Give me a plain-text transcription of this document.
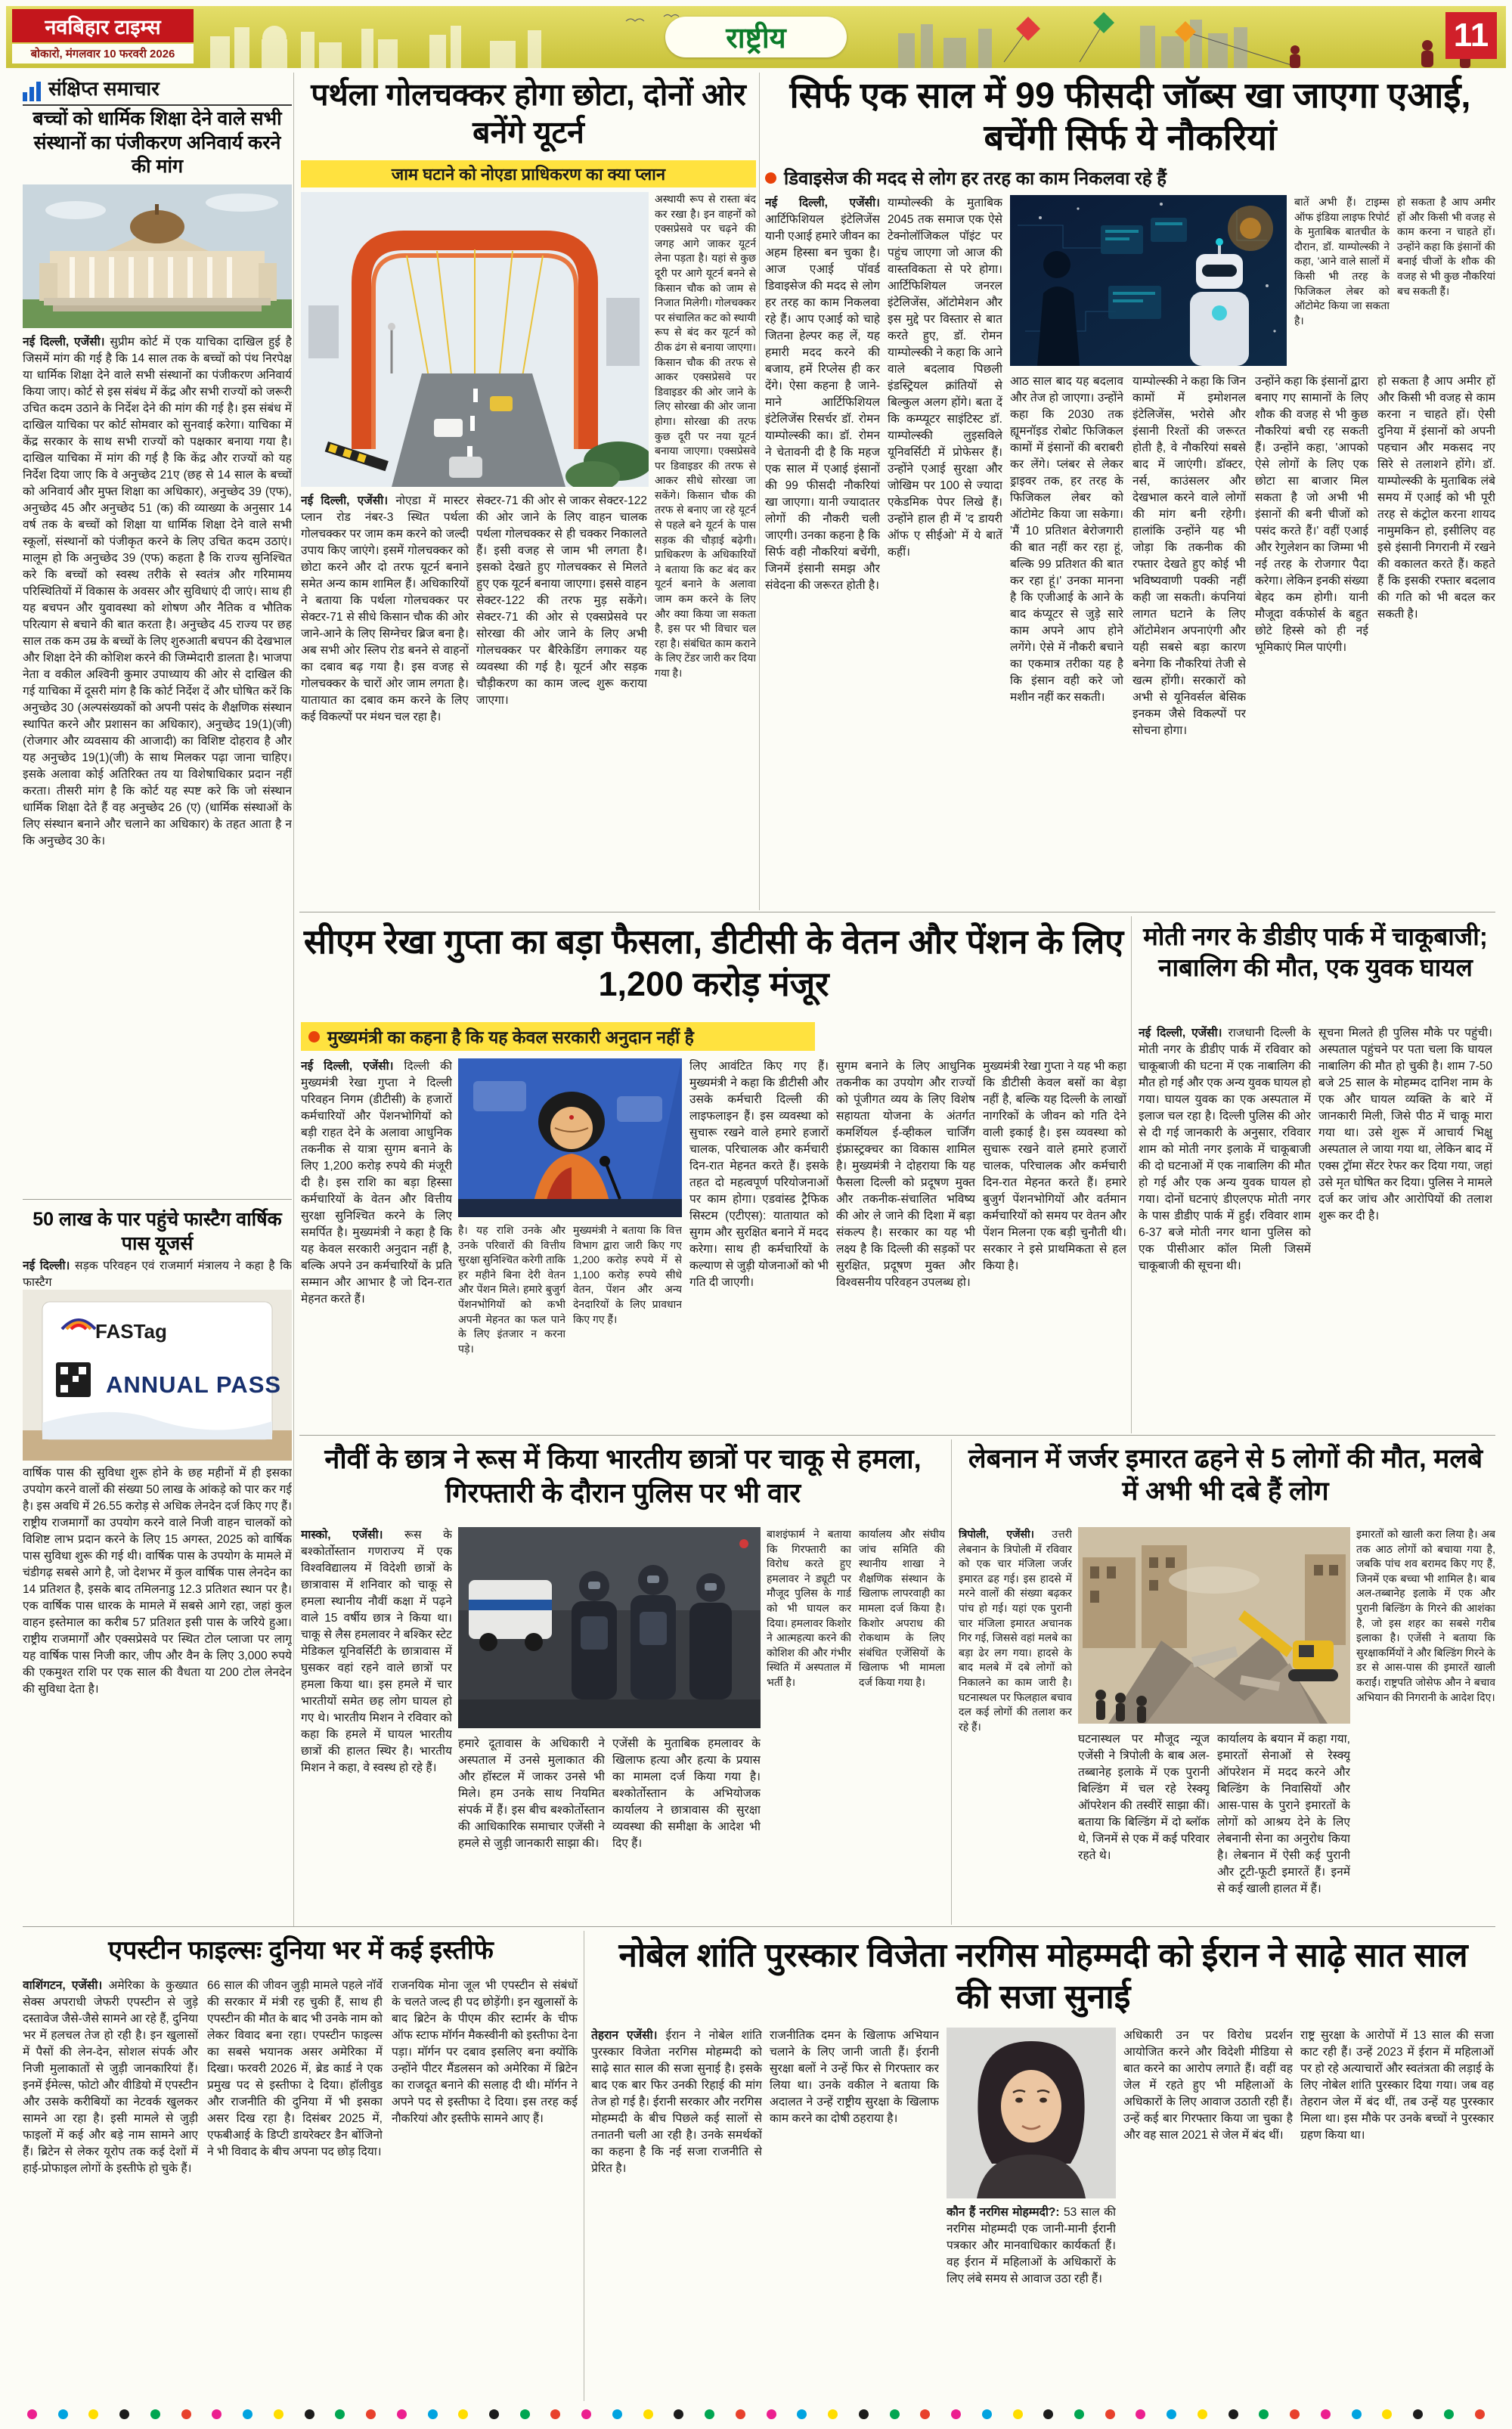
नवबिहार टाइम्स
बोकारो, मंगलवार 10 फरवरी 2026	राष्ट्रीय	11
संक्षिप्त समाचार
बच्चों को धार्मिक शिक्षा देने वाले सभी संस्थानों का पंजीकरण अनिवार्य करने की मांग
नई दिल्ली, एजेंसी। सुप्रीम कोर्ट में एक याचिका दाखिल हुई है जिसमें मांग की गई है कि 14 साल तक के बच्चों को पंथ निरपेक्ष या धार्मिक शिक्षा देने वाले सभी संस्थानों का पंजीकरण अनिवार्य किया जाए। कोर्ट से इस संबंध में केंद्र और सभी राज्यों को जरूरी उचित कदम उठाने के निर्देश देने की मांग की गई है। इस संबंध में दाखिल याचिका पर कोर्ट सोमवार को सुनवाई करेगा। याचिका में केंद्र सरकार के साथ सभी राज्यों को पक्षकार बनाया गया है। दाखिल याचिका में मांग की गई है कि केंद्र और राज्यों को यह निर्देश दिया जाए कि वे अनुच्छेद 21ए (छह से 14 साल के बच्चों को अनिवार्य और मुफ्त शिक्षा का अधिकार), अनुच्छेद 39 (एफ), अनुच्छेद 45 और अनुच्छेद 51 (क) की व्याख्या के अनुसार 14 वर्ष तक के बच्चों को शिक्षा या धार्मिक शिक्षा देने वाले सभी स्कूलों, संस्थानों को पंजीकृत करने के लिए उचित कदम उठाएं। मालूम हो कि अनुच्छेद 39 (एफ) कहता है कि राज्य सुनिश्चित करे कि बच्चों को स्वस्थ तरीके से स्वतंत्र और गरिमामय परिस्थितियों में विकास के अवसर और सुविधाएं दी जाएं। साथ ही यह बचपन और युवावस्था को शोषण और नैतिक व भौतिक परित्याग से बचाने की बात करता है। अनुच्छेद 45 राज्य पर छह साल तक कम उम्र के बच्चों के लिए शुरुआती बचपन की देखभाल और शिक्षा देने की कोशिश करने की जिम्मेदारी डालता है। भाजपा नेता व वकील अश्विनी कुमार उपाध्याय की ओर से दाखिल की गई याचिका में दूसरी मांग है कि कोर्ट निर्देश दें और घोषित करें कि अनुच्छेद 30 (अल्पसंख्यकों को अपनी पसंद के शैक्षणिक संस्थान स्थापित करने और प्रशासन का अधिकार), अनुच्छेद 19(1)(जी) (रोजगार और व्यवसाय की आजादी) का विशिष्ट दोहराव है और यह अनुच्छेद 19(1)(जी) के साथ मिलकर पढ़ा जाना चाहिए। इसके अलावा कोई अतिरिक्त तय या विशेषाधिकार प्रदान नहीं करता। तीसरी मांग है कि कोर्ट यह स्पष्ट करे कि जो संस्थान धार्मिक शिक्षा देते हैं वह अनुच्छेद 26 (ए) (धार्मिक संस्थाओं के लिए संस्थान बनाने और चलाने का अधिकार) के तहत आता है न कि अनुच्छेद 30 के।
50 लाख के पार पहुंचे फास्टैग वार्षिक पास यूजर्स
नई दिल्ली। सड़क परिवहन एवं राजमार्ग मंत्रालय ने कहा है कि फास्टैग
FASTag
ANNUAL PASS
वार्षिक पास की सुविधा शुरू होने के छह महीनों में ही इसका उपयोग करने वालों की संख्या 50 लाख के आंकड़े को पार कर गई है। इस अवधि में 26.55 करोड़ से अधिक लेनदेन दर्ज किए गए हैं। राष्ट्रीय राजमार्गों का उपयोग करने वाले निजी वाहन चालकों को विशिष्ट लाभ प्रदान करने के लिए 15 अगस्त, 2025 को वार्षिक पास सुविधा शुरू की गई थी। वार्षिक पास के उपयोग के मामले में चंडीगढ़ सबसे आगे है, जो देशभर में कुल वार्षिक पास लेनदेन का 14 प्रतिशत है, इसके बाद तमिलनाडु 12.3 प्रतिशत स्थान पर है। एक वार्षिक पास धारक के मामले में सबसे आगे रहा, जहां कुल वाहन इस्तेमाल का करीब 57 प्रतिशत इसी पास के जरिये हुआ। राष्ट्रीय राजमार्गों और एक्सप्रेसवे पर स्थित टोल प्लाजा पर लागू यह वार्षिक पास निजी कार, जीप और वैन के लिए 3,000 रुपये की एकमुश्त राशि पर एक साल की वैधता या 200 टोल लेनदेन की सुविधा देता है।
पर्थला गोलचक्कर होगा छोटा, दोनों ओर बनेंगे यूटर्न
जाम घटाने को नोएडा प्राधिकरण का क्या प्लान
अस्थायी रूप से रास्ता बंद कर रखा है। इन वाहनों को एक्सप्रेसवे पर चढ़ने की जगह आगे जाकर यूटर्न लेना पड़ता है। यहां से कुछ दूरी पर आगे यूटर्न बनने से किसान चौक को जाम से निजात मिलेगी। गोलचक्कर पर संचालित कट को स्थायी रूप से बंद कर यूटर्न को ठीक ढंग से बनाया जाएगा। किसान चौक की तरफ से आकर एक्सप्रेसवे पर डिवाइडर की ओर जाने के लिए सोरखा की ओर जाना होगा। सोरखा की तरफ कुछ दूरी पर नया यूटर्न बनाया जाएगा। एक्सप्रेसवे पर डिवाइडर की तरफ से आकर सीधे सोरखा जा सकेंगे। किसान चौक की तरफ से बनाए जा रहे यूटर्न से पहले बने यूटर्न के पास सड़क की चौड़ाई बढ़ेगी। प्राधिकरण के अधिकारियों ने बताया कि कट बंद कर यूटर्न बनाने के अलावा जाम कम करने के लिए और क्या किया जा सकता है, इस पर भी विचार चल रहा है। संबंधित काम कराने के लिए टेंडर जारी कर दिया गया है।
नई दिल्ली, एजेंसी। नोएडा में मास्टर प्लान रोड नंबर-3 स्थित पर्थला गोलचक्कर पर जाम कम करने को जल्दी उपाय किए जाएंगे। इसमें गोलचक्कर को छोटा करने और दो तरफ यूटर्न बनाने समेत अन्य काम शामिल हैं। अधिकारियों ने बताया कि पर्थला गोलचक्कर पर सेक्टर-71 से सीधे किसान चौक की ओर जाने-आने के लिए सिग्नेचर ब्रिज बना है। अब सभी ओर स्लिप रोड बनने से वाहनों का दबाव बढ़ गया है। इस वजह से गोलचक्कर के चारों ओर जाम लगता है। यातायात का दबाव कम करने के लिए कई विकल्पों पर मंथन चल रहा है।
सेक्टर-71 की ओर से जाकर सेक्टर-122 की ओर जाने के लिए वाहन चालक पर्थला गोलचक्कर से ही चक्कर निकालते हैं। इसी वजह से जाम भी लगता है। इसको देखते हुए गोलचक्कर से मिलते हुए एक यूटर्न बनाया जाएगा। इससे वाहन सेक्टर-122 की तरफ मुड़ सकेंगे। सेक्टर-71 की ओर से एक्सप्रेसवे पर सोरखा की ओर जाने के लिए अभी गोलचक्कर पर बैरिकेडिंग लगाकर यह व्यवस्था की गई है। यूटर्न और सड़क चौड़ीकरण का काम जल्द शुरू कराया जाएगा।
सिर्फ एक साल में 99 फीसदी जॉब्स खा जाएगा एआई, बचेंगी सिर्फ ये नौकरियां
डिवाइसेज की मदद से लोग हर तरह का काम निकलवा रहे हैं
नई दिल्ली, एजेंसी। आर्टिफिशियल इंटेलिजेंस यानी एआई हमारे जीवन का अहम हिस्सा बन चुका है। आज एआई पॉवर्ड डिवाइसेज की मदद से लोग हर तरह का काम निकलवा रहे हैं। आप एआई को चाहे जितना हेल्पर कह लें, यह हमारी मदद करने की बजाय, हमें रिप्लेस ही कर देंगे। ऐसा कहना है जाने-माने आर्टिफिशियल इंटेलिजेंस रिसर्चर डॉ. रोमन याम्पोल्स्की का। डॉ. रोमन ने चेतावनी दी है कि महज एक साल में एआई इंसानों की 99 फीसदी नौकरियां खा जाएगा। यानी ज्यादातर लोगों की नौकरी चली जाएगी। उनका कहना है कि सिर्फ वही नौकरियां बचेंगी, जिनमें इंसानी समझ और संवेदना की जरूरत होती है।
याम्पोल्स्की के मुताबिक 2045 तक समाज एक ऐसे टेक्नोलॉजिकल पॉइंट पर पहुंच जाएगा जो आज की वास्तविकता से परे होगा। आर्टिफिशियल जनरल इंटेलिजेंस, ऑटोमेशन और इस मुद्दे पर विस्तार से बात करते हुए, डॉ. रोमन याम्पोल्स्की ने कहा कि आने वाले बदलाव पिछली इंडस्ट्रियल क्रांतियों से बिल्कुल अलग होंगे। बता दें कि कम्प्यूटर साइंटिस्ट डॉ. याम्पोल्स्की लुइसविले यूनिवर्सिटी में प्रोफेसर हैं। उन्होंने एआई सुरक्षा और जोखिम पर 100 से ज्यादा एकेडमिक पेपर लिखे हैं। उन्होंने हाल ही में 'द डायरी ऑफ ए सीईओ' में ये बातें कहीं।
बातें अभी हैं। टाइम्स ऑफ इंडिया लाइफ रिपोर्ट के मुताबिक बातचीत के दौरान, डॉ. याम्पोल्स्की ने कहा, 'आने वाले सालों में किसी भी तरह के फिजिकल लेबर को ऑटोमेट किया जा सकता है।
हो सकता है आप अमीर हों और किसी भी वजह से काम करना न चाहते हों। उन्होंने कहा कि इंसानों की बनाई चीजों के शौक की वजह से भी कुछ नौकरियां बच सकती हैं।
आठ साल बाद यह बदलाव और तेज हो जाएगा। उन्होंने कहा कि 2030 तक ह्यूमनॉइड रोबोट फिजिकल कामों में इंसानों की बराबरी कर लेंगे। प्लंबर से लेकर ड्राइवर तक, हर तरह के फिजिकल लेबर को ऑटोमेट किया जा सकेगा। 'मैं 10 प्रतिशत बेरोजगारी की बात नहीं कर रहा हूं, बल्कि 99 प्रतिशत की बात कर रहा हूं।' उनका मानना है कि एजीआई के आने के बाद कंप्यूटर से जुड़े सारे काम अपने आप होने लगेंगे। ऐसे में नौकरी बचाने का एकमात्र तरीका यह है कि इंसान वही करे जो मशीन नहीं कर सकती।
याम्पोल्स्की ने कहा कि जिन कामों में इमोशनल इंटेलिजेंस, भरोसे और इंसानी रिश्तों की जरूरत होती है, वे नौकरियां सबसे बाद में जाएंगी। डॉक्टर, नर्स, काउंसलर और देखभाल करने वाले लोगों की मांग बनी रहेगी। हालांकि उन्होंने यह भी जोड़ा कि तकनीक की रफ्तार देखते हुए कोई भी भविष्यवाणी पक्की नहीं कही जा सकती। कंपनियां लागत घटाने के लिए ऑटोमेशन अपनाएंगी और यही सबसे बड़ा कारण बनेगा कि नौकरियां तेजी से खत्म होंगी। सरकारों को अभी से यूनिवर्सल बेसिक इनकम जैसे विकल्पों पर सोचना होगा।
उन्होंने कहा कि इंसानों द्वारा बनाए गए सामानों के लिए शौक की वजह से भी कुछ नौकरियां बची रह सकती हैं। उन्होंने कहा, 'आपको ऐसे लोगों के लिए एक छोटा सा बाजार मिल सकता है जो अभी भी इंसानों की बनी चीजों को पसंद करते हैं।' वहीं एआई और रेगुलेशन का जिम्मा भी नई तरह के रोजगार पैदा करेगा। लेकिन इनकी संख्या बेहद कम होगी। यानी मौजूदा वर्कफोर्स के बहुत छोटे हिस्से को ही नई भूमिकाएं मिल पाएंगी।
हो सकता है आप अमीर हों और किसी भी वजह से काम करना न चाहते हों। ऐसी दुनिया में इंसानों को अपनी पहचान और मकसद नए सिरे से तलाशने होंगे। डॉ. याम्पोल्स्की के मुताबिक लंबे समय में एआई को भी पूरी तरह से कंट्रोल करना शायद नामुमकिन हो, इसीलिए वह इसे इंसानी निगरानी में रखने की वकालत करते हैं। कहते हैं कि इसकी रफ्तार बदलाव की गति को भी बदल कर सकती है।
सीएम रेखा गुप्ता का बड़ा फैसला, डीटीसी के वेतन और पेंशन के लिए 1,200 करोड़ मंजूर
मुख्यमंत्री का कहना है कि यह केवल सरकारी अनुदान नहीं है
नई दिल्ली, एजेंसी। दिल्ली की मुख्यमंत्री रेखा गुप्ता ने दिल्ली परिवहन निगम (डीटीसी) के हजारों कर्मचारियों और पेंशनभोगियों को बड़ी राहत देने के अलावा आधुनिक तकनीक से यात्रा सुगम बनाने के लिए 1,200 करोड़ रुपये की मंजूरी दी है। इस राशि का बड़ा हिस्सा कर्मचारियों के वेतन और वित्तीय सुरक्षा सुनिश्चित करने के लिए समर्पित है। मुख्यमंत्री ने कहा है कि यह केवल सरकारी अनुदान नहीं है, बल्कि अपने उन कर्मचारियों के प्रति सम्मान और आभार है जो दिन-रात मेहनत करते हैं।
है। यह राशि उनके और उनके परिवारों की वित्तीय सुरक्षा सुनिश्चित करेगी ताकि हर महीने बिना देरी वेतन और पेंशन मिले। हमारे बुजुर्ग पेंशनभोगियों को कभी अपनी मेहनत का फल पाने के लिए इंतजार न करना पड़े।
मुख्यमंत्री ने बताया कि वित्त विभाग द्वारा जारी किए गए 1,200 करोड़ रुपये में से 1,100 करोड़ रुपये सीधे वेतन, पेंशन और अन्य देनदारियों के लिए प्रावधान किए गए हैं।
लिए आवंटित किए गए हैं। मुख्यमंत्री ने कहा कि डीटीसी और उसके कर्मचारी दिल्ली की लाइफलाइन हैं। इस व्यवस्था को सुचारू रखने वाले हमारे हजारों चालक, परिचालक और कर्मचारी दिन-रात मेहनत करते हैं। इसके तहत दो महत्वपूर्ण परियोजनाओं पर काम होगा। एडवांस्ड ट्रैफिक सिस्टम (एटीएस): यातायात को सुगम और सुरक्षित बनाने में मदद करेगा। साथ ही कर्मचारियों के कल्याण से जुड़ी योजनाओं को भी गति दी जाएगी।
सुगम बनाने के लिए आधुनिक तकनीक का उपयोग और राज्यों को पूंजीगत व्यय के लिए विशेष सहायता योजना के अंतर्गत कमर्शियल ई-व्हीकल चार्जिंग इंफ्रास्ट्रक्चर का विकास शामिल है। मुख्यमंत्री ने दोहराया कि यह फैसला दिल्ली को प्रदूषण मुक्त और तकनीक-संचालित भविष्य की ओर ले जाने की दिशा में बड़ा संकल्प है। सरकार का यह भी लक्ष्य है कि दिल्ली की सड़कों पर सुरक्षित, प्रदूषण मुक्त और विश्वसनीय परिवहन उपलब्ध हो।
मुख्यमंत्री रेखा गुप्ता ने यह भी कहा कि डीटीसी केवल बसों का बेड़ा नहीं है, बल्कि यह दिल्ली के लाखों नागरिकों के जीवन को गति देने वाली इकाई है। इस व्यवस्था को सुचारू रखने वाले हमारे हजारों चालक, परिचालक और कर्मचारी दिन-रात मेहनत करते हैं। हमारे बुजुर्ग पेंशनभोगियों और वर्तमान कर्मचारियों को समय पर वेतन और पेंशन मिलना एक बड़ी चुनौती थी। सरकार ने इसे प्राथमिकता से हल किया है।
मोती नगर के डीडीए पार्क में चाकूबाजी; नाबालिग की मौत, एक युवक घायल
नई दिल्ली, एजेंसी। राजधानी दिल्ली के मोती नगर के डीडीए पार्क में रविवार को चाकूबाजी की घटना में एक नाबालिग की मौत हो गई और एक अन्य युवक घायल हो गया। घायल युवक का एक अस्पताल में इलाज चल रहा है। दिल्ली पुलिस की ओर से दी गई जानकारी के अनुसार, रविवार शाम को मोती नगर इलाके में चाकूबाजी की दो घटनाओं में एक नाबालिग की मौत हो गई और एक अन्य युवक घायल हो गया। दोनों घटनाएं डीएलएफ मोती नगर के पास डीडीए पार्क में हुईं। रविवार शाम 6-37 बजे मोती नगर थाना पुलिस को एक पीसीआर कॉल मिली जिसमें चाकूबाजी की सूचना थी।
सूचना मिलते ही पुलिस मौके पर पहुंची। अस्पताल पहुंचने पर पता चला कि घायल नाबालिग की मौत हो चुकी है। शाम 7-50 बजे 25 साल के मोहम्मद दानिश नाम के एक और घायल व्यक्ति के बारे में जानकारी मिली, जिसे पीठ में चाकू मारा गया था। उसे शुरू में आचार्य भिक्षु अस्पताल ले जाया गया था, लेकिन बाद में एक्स ट्रॉमा सेंटर रेफर कर दिया गया, जहां उसे मृत घोषित कर दिया। पुलिस ने मामले दर्ज कर जांच और आरोपियों की तलाश शुरू कर दी है।
नौवीं के छात्र ने रूस में किया भारतीय छात्रों पर चाकू से हमला, गिरफ्तारी के दौरान पुलिस पर भी वार
मास्को, एजेंसी। रूस के बश्कोर्तोस्तान गणराज्य में एक विश्वविद्यालय में विदेशी छात्रों के छात्रावास में शनिवार को चाकू से हमला स्थानीय नौवीं कक्षा में पढ़ने वाले 15 वर्षीय छात्र ने किया था। चाकू से लैस हमलावर ने बश्किर स्टेट मेडिकल यूनिवर्सिटी के छात्रावास में घुसकर वहां रहने वाले छात्रों पर हमला किया था। इस हमले में चार भारतीयों समेत छह लोग घायल हो गए थे। भारतीय मिशन ने रविवार को कहा कि हमले में घायल भारतीय छात्रों की हालत स्थिर है। भारतीय मिशन ने कहा, वे स्वस्थ हो रहे हैं।
बाशइंफार्म ने बताया कि गिरफ्तारी का विरोध करते हुए हमलावर ने ड्यूटी पर मौजूद पुलिस के गार्ड को भी घायल कर दिया। हमलावर किशोर ने आत्महत्या करने की कोशिश की और गंभीर स्थिति में अस्पताल में भर्ती है।
कार्यालय और संघीय जांच समिति की स्थानीय शाखा ने शैक्षणिक संस्थान के खिलाफ लापरवाही का मामला दर्ज किया है। किशोर अपराध की रोकथाम के लिए संबंधित एजेंसियों के खिलाफ भी मामला दर्ज किया गया है।
हमारे दूतावास के अधिकारी ने अस्पताल में उनसे मुलाकात की और हॉस्टल में जाकर उनसे भी मिले। हम उनके साथ नियमित संपर्क में हैं। इस बीच बश्कोर्तोस्तान की आधिकारिक समाचार एजेंसी ने हमले से जुड़ी जानकारी साझा की।
एजेंसी के मुताबिक हमलावर के खिलाफ हत्या और हत्या के प्रयास का मामला दर्ज किया गया है। बश्कोर्तोस्तान के अभियोजक कार्यालय ने छात्रावास की सुरक्षा व्यवस्था की समीक्षा के आदेश भी दिए हैं।
लेबनान में जर्जर इमारत ढहने से 5 लोगों की मौत, मलबे में अभी भी दबे हैं लोग
त्रिपोली, एजेंसी। उत्तरी लेबनान के त्रिपोली में रविवार को एक चार मंजिला जर्जर इमारत ढह गई। इस हादसे में मरने वालों की संख्या बढ़कर पांच हो गई। यहां एक पुरानी चार मंजिला इमारत अचानक गिर गई, जिससे वहां मलबे का बड़ा ढेर लग गया। हादसे के बाद मलबे में दबे लोगों को निकालने का काम जारी है। घटनास्थल पर फिलहाल बचाव दल कई लोगों की तलाश कर रहे हैं।
इमारतों को खाली करा लिया है। अब तक आठ लोगों को बचाया गया है, जबकि पांच शव बरामद किए गए हैं, जिनमें एक बच्चा भी शामिल है। बाब अल-तब्बानेह इलाके में एक और पुरानी बिल्डिंग के गिरने की आशंका है, जो इस शहर का सबसे गरीब इलाका है। एजेंसी ने बताया कि सुरक्षाकर्मियों ने और बिल्डिंग गिरने के डर से आस-पास की इमारतें खाली कराईं। राष्ट्रपति जोसेफ औन ने बचाव अभियान की निगरानी के आदेश दिए।
घटनास्थल पर मौजूद न्यूज एजेंसी ने त्रिपोली के बाब अल-तब्बानेह इलाके में एक पुरानी बिल्डिंग में चल रहे रेस्क्यू ऑपरेशन की तस्वीरें साझा कीं। बताया कि बिल्डिंग में दो ब्लॉक थे, जिनमें से एक में कई परिवार रहते थे।
कार्यालय के बयान में कहा गया, इमारतों सेनाओं से रेस्क्यू ऑपरेशन में मदद करने और बिल्डिंग के निवासियों और आस-पास के पुराने इमारतों के लोगों को आश्रय देने के लिए लेबनानी सेना का अनुरोध किया है। लेबनान में ऐसी कई पुरानी और टूटी-फूटी इमारतें हैं। इनमें से कई खाली हालत में हैं।
एपस्टीन फाइल्सः दुनिया भर में कई इस्तीफे
वाशिंगटन, एजेंसी। अमेरिका के कुख्यात सेक्स अपराधी जेफरी एपस्टीन से जुड़े दस्तावेज जैसे-जैसे सामने आ रहे हैं, दुनिया भर में हलचल तेज हो रही है। इन खुलासों में पैसों की लेन-देन, सोशल संपर्क और निजी मुलाकातों से जुड़ी जानकारियां हैं। इनमें ईमेल्स, फोटो और वीडियो में एपस्टीन और उसके करीबियों का नेटवर्क खुलकर सामने आ रहा है। इसी मामले से जुड़ी फाइलों में कई और बड़े नाम सामने आए हैं। ब्रिटेन से लेकर यूरोप तक कई देशों में हाई-प्रोफाइल लोगों के इस्तीफे हो चुके हैं।
66 साल की जीवन जुड़ी मामले पहले नॉर्वे की सरकार में मंत्री रह चुकी हैं, साथ ही एपस्टीन की मौत के बाद भी उनके नाम को लेकर विवाद बना रहा। एपस्टीन फाइल्स का सबसे भयानक असर अमेरिका में दिखा। फरवरी 2026 में, ब्रेड कार्ड ने एक प्रमुख पद से इस्तीफा दे दिया। हॉलीवुड और राजनीति की दुनिया में भी इसका असर दिख रहा है। दिसंबर 2025 में, एफबीआई के डिप्टी डायरेक्टर डैन बोंजिनो ने भी विवाद के बीच अपना पद छोड़ दिया।
राजनयिक मोना जूल भी एपस्टीन से संबंधों के चलते जल्द ही पद छोड़ेंगी। इन खुलासों के बाद ब्रिटेन के पीएम कीर स्टार्मर के चीफ ऑफ स्टाफ मॉर्गन मैकस्वीनी को इस्तीफा देना पड़ा। मॉर्गन पर दबाव इसलिए बना क्योंकि उन्होंने पीटर मैंडलसन को अमेरिका में ब्रिटेन का राजदूत बनाने की सलाह दी थी। मॉर्गन ने अपने पद से इस्तीफा दे दिया। इस तरह कई नौकरियां और इस्तीफे सामने आए हैं।
नोबेल शांति पुरस्कार विजेता नरगिस मोहम्मदी को ईरान ने साढ़े सात साल की सजा सुनाई
तेहरान एजेंसी। ईरान ने नोबेल शांति पुरस्कार विजेता नरगिस मोहम्मदी को साढ़े सात साल की सजा सुनाई है। इसके बाद एक बार फिर उनकी रिहाई की मांग तेज हो गई है। ईरानी सरकार और नरगिस मोहम्मदी के बीच पिछले कई सालों से तनातनी चली आ रही है। उनके समर्थकों का कहना है कि नई सजा राजनीति से प्रेरित है।
राजनीतिक दमन के खिलाफ अभियान चलाने के लिए जानी जाती हैं। ईरानी सुरक्षा बलों ने उन्हें फिर से गिरफ्तार कर लिया था। उनके वकील ने बताया कि अदालत ने उन्हें राष्ट्रीय सुरक्षा के खिलाफ काम करने का दोषी ठहराया है।
कौन हैं नरगिस मोहम्मदी?: 53 साल की नरगिस मोहम्मदी एक जानी-मानी ईरानी पत्रकार और मानवाधिकार कार्यकर्ता हैं। वह ईरान में महिलाओं के अधिकारों के लिए लंबे समय से आवाज उठा रही हैं।
अधिकारी उन पर विरोध प्रदर्शन आयोजित करने और विदेशी मीडिया से बात करने का आरोप लगाते हैं। वहीं वह जेल में रहते हुए भी महिलाओं के अधिकारों के लिए आवाज उठाती रही हैं। उन्हें कई बार गिरफ्तार किया जा चुका है और वह साल 2021 से जेल में बंद थीं।
राष्ट्र सुरक्षा के आरोपों में 13 साल की सजा काट रही हैं। उन्हें 2023 में ईरान में महिलाओं पर हो रहे अत्याचारों और स्वतंत्रता की लड़ाई के लिए नोबेल शांति पुरस्कार दिया गया। जब वह तेहरान जेल में बंद थीं, तब उन्हें यह पुरस्कार मिला था। इस मौके पर उनके बच्चों ने पुरस्कार ग्रहण किया था।
